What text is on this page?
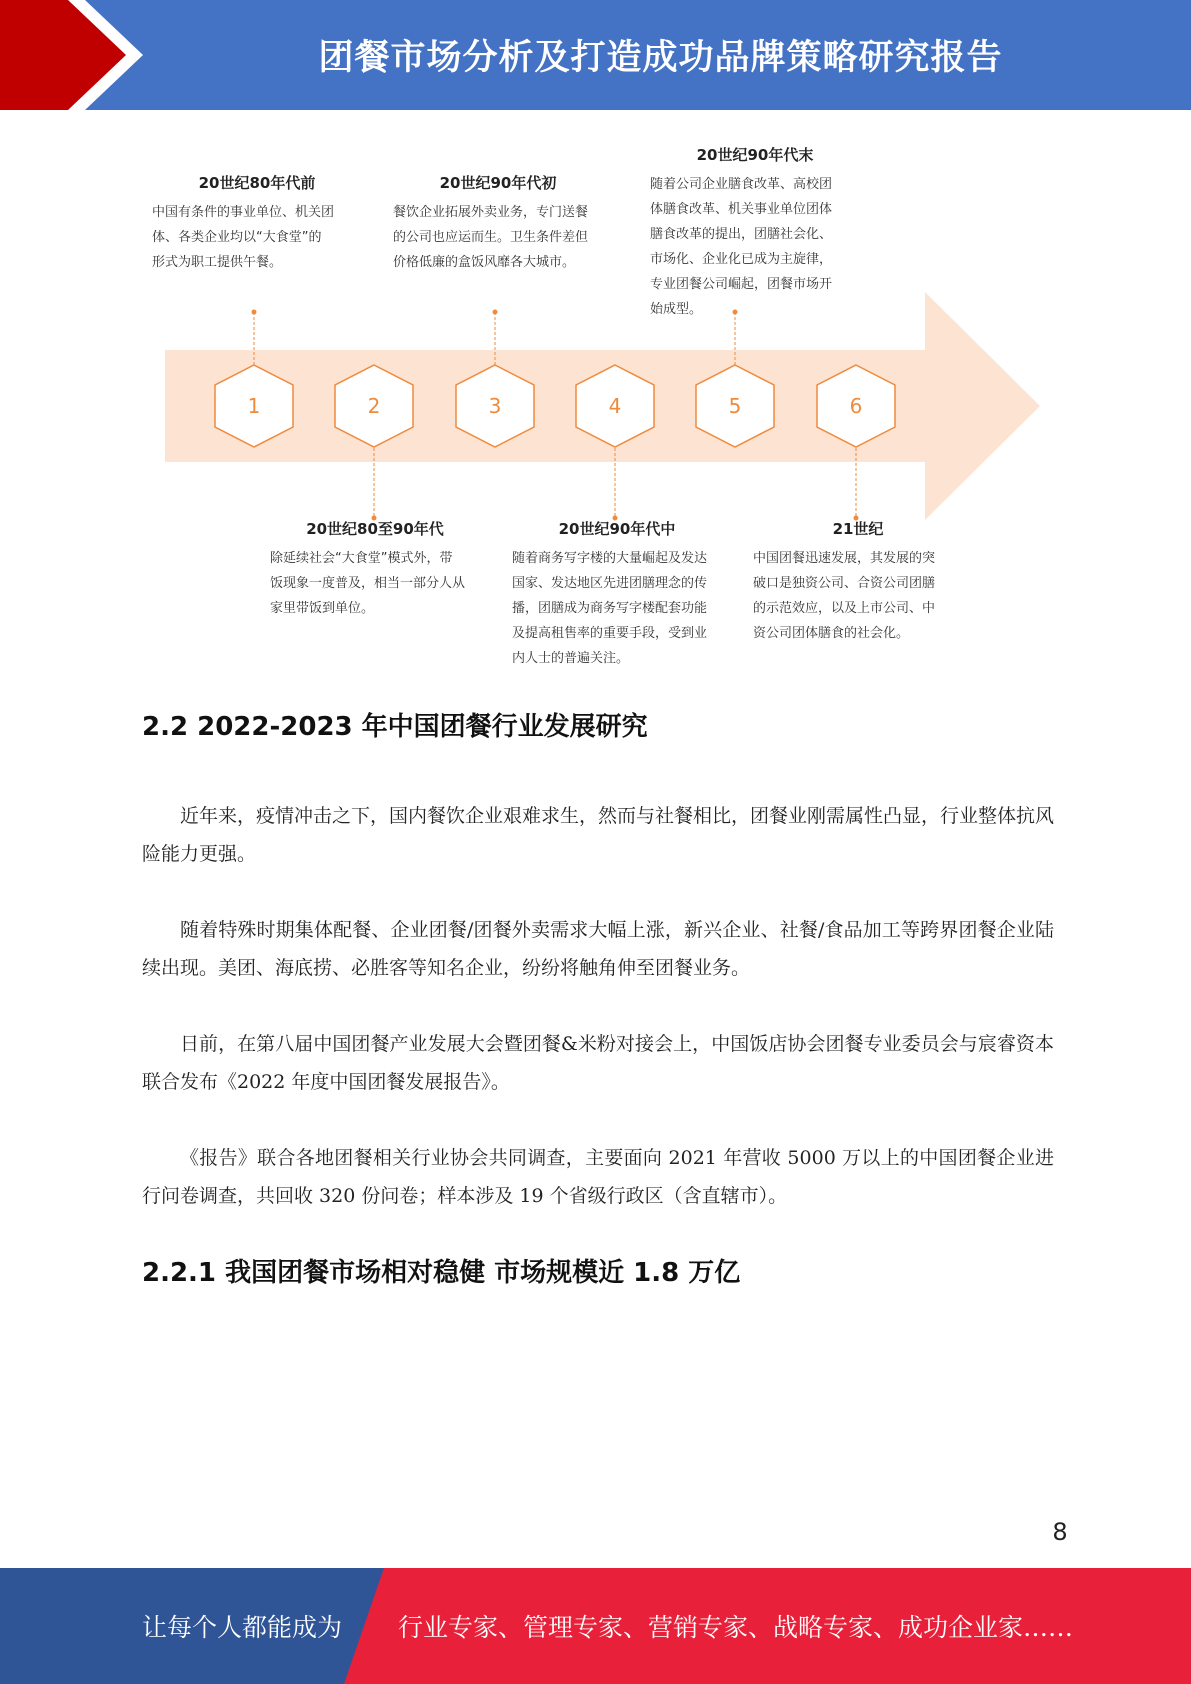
团餐市场分析及打造成功品牌策略研究报告
1	2	3	4	5	6
20世纪80年代前
中国有条件的事业单位、机关团
体、各类企业均以“大食堂”的
形式为职工提供午餐。
20世纪90年代初
餐饮企业拓展外卖业务，专门送餐
的公司也应运而生。卫生条件差但
价格低廉的盒饭风靡各大城市。
20世纪90年代末
随着公司企业膳食改革、高校团
体膳食改革、机关事业单位团体
膳食改革的提出，团膳社会化、
市场化、企业化已成为主旋律，
专业团餐公司崛起，团餐市场开
始成型。
20世纪80至90年代
除延续社会“大食堂”模式外，带
饭现象一度普及，相当一部分人从
家里带饭到单位。
20世纪90年代中
随着商务写字楼的大量崛起及发达
国家、发达地区先进团膳理念的传
播，团膳成为商务写字楼配套功能
及提高租售率的重要手段，受到业
内人士的普遍关注。
21世纪
中国团餐迅速发展，其发展的突
破口是独资公司、合资公司团膳
的示范效应，以及上市公司、中
资公司团体膳食的社会化。
2.2 2022-2023 年中国团餐行业发展研究
近年来，疫情冲击之下，国内餐饮企业艰难求生，然而与社餐相比，团餐业刚需属性凸显，行业整体抗风险能力更强。
随着特殊时期集体配餐、企业团餐/团餐外卖需求大幅上涨，新兴企业、社餐/食品加工等跨界团餐企业陆续出现。美团、海底捞、必胜客等知名企业，纷纷将触角伸至团餐业务。
日前，在第八届中国团餐产业发展大会暨团餐&米粉对接会上，中国饭店协会团餐专业委员会与宸睿资本联合发布《2022 年度中国团餐发展报告》。
《报告》联合各地团餐相关行业协会共同调查，主要面向 2021 年营收 5000 万以上的中国团餐企业进行问卷调查，共回收 320 份问卷；样本涉及 19 个省级行政区（含直辖市）。
2.2.1 我国团餐市场相对稳健 市场规模近 1.8 万亿
8
让每个人都能成为 行业专家、管理专家、营销专家、战略专家、成功企业家……
